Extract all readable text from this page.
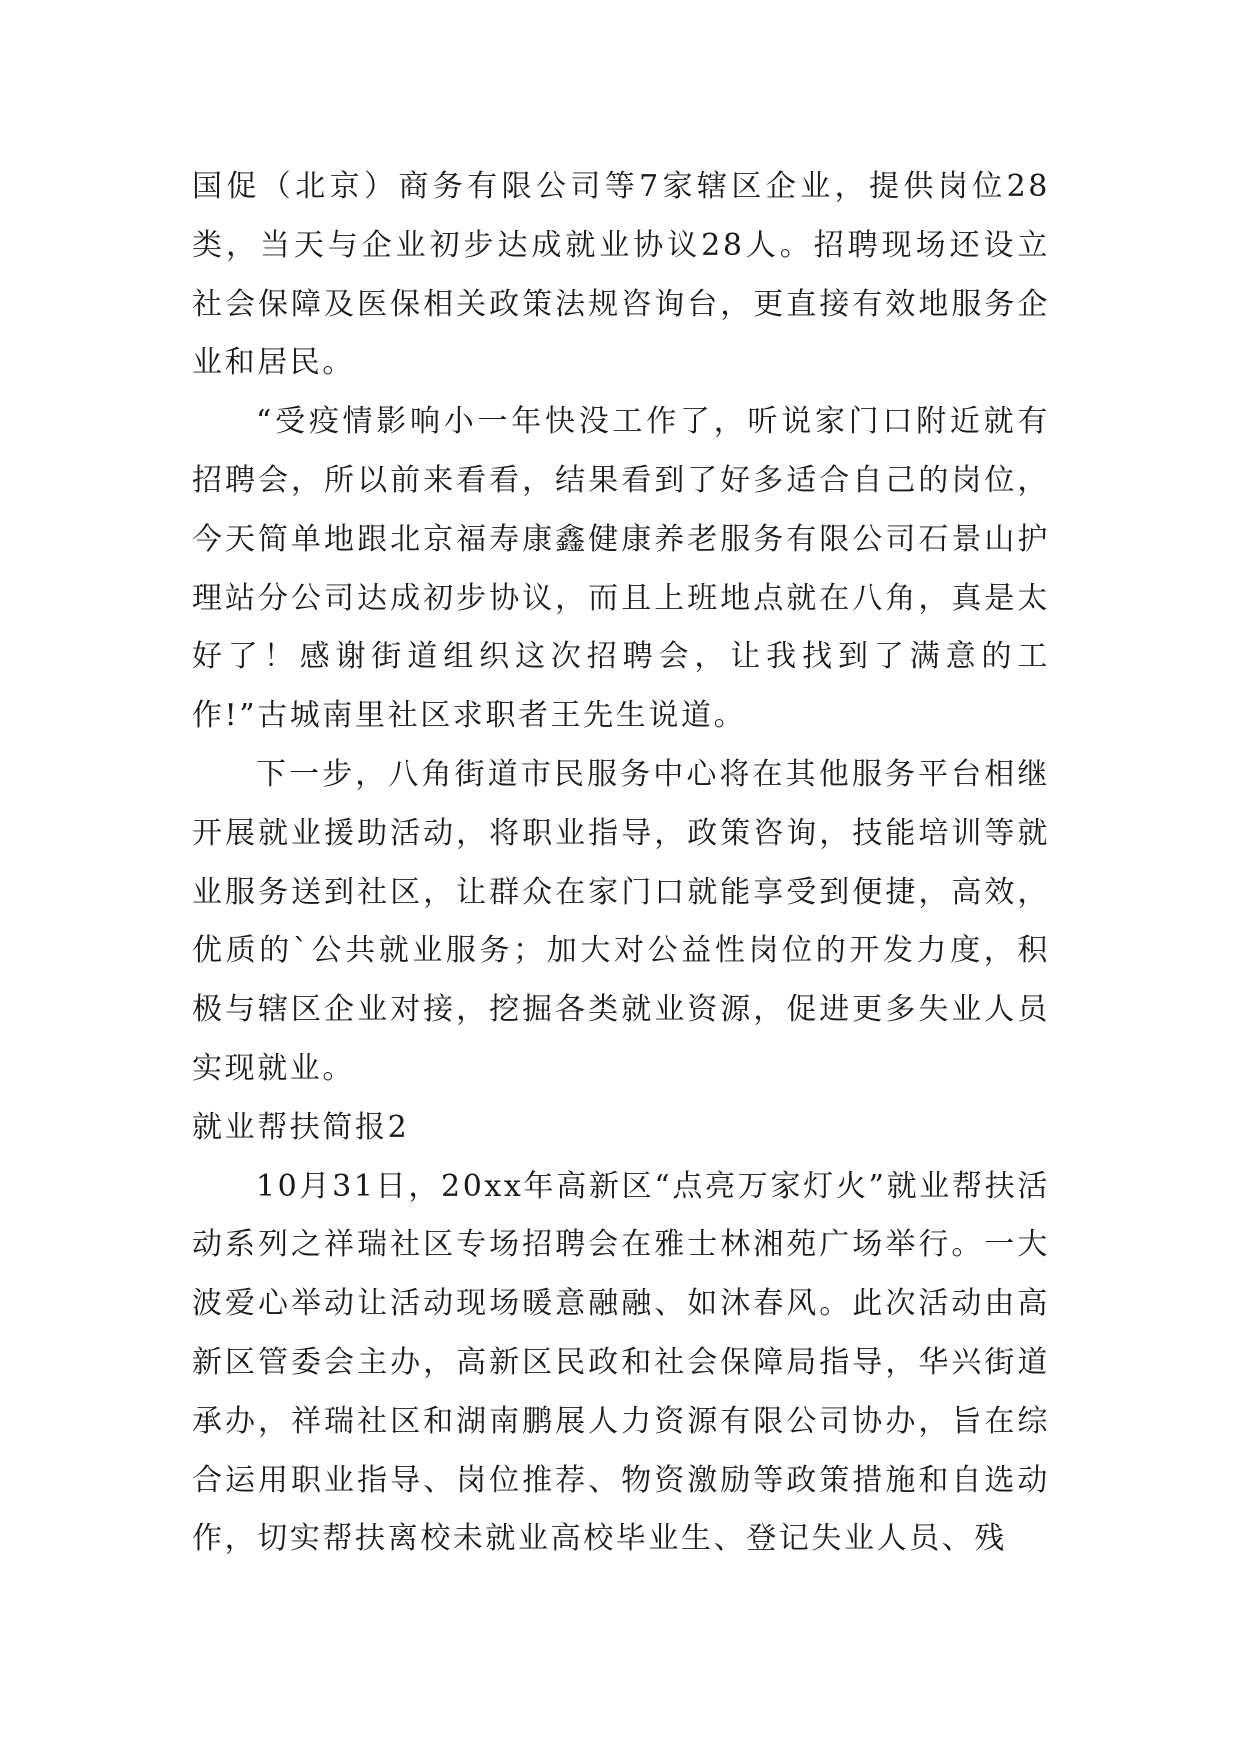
国促（北京）商务有限公司等7家辖区企业，提供岗位28类，当天与企业初步达成就业协议28人。招聘现场还设立社会保障及医保相关政策法规咨询台，更直接有效地服务企业和居民。

“受疫情影响小一年快没工作了，听说家门口附近就有招聘会，所以前来看看，结果看到了好多适合自己的岗位，今天简单地跟北京福寿康鑫健康养老服务有限公司石景山护理站分公司达成初步协议，而且上班地点就在八角，真是太好了！感谢街道组织这次招聘会，让我找到了满意的工作!”古城南里社区求职者王先生说道。

下一步，八角街道市民服务中心将在其他服务平台相继开展就业援助活动，将职业指导，政策咨询，技能培训等就业服务送到社区，让群众在家门口就能享受到便捷，高效，优质的`公共就业服务；加大对公益性岗位的开发力度，积极与辖区企业对接，挖掘各类就业资源，促进更多失业人员实现就业。

就业帮扶简报2

10月31日，20xx年高新区“点亮万家灯火”就业帮扶活动系列之祥瑞社区专场招聘会在雅士林湘苑广场举行。一大波爱心举动让活动现场暖意融融、如沐春风。此次活动由高新区管委会主办，高新区民政和社会保障局指导，华兴街道承办，祥瑞社区和湖南鹏展人力资源有限公司协办，旨在综合运用职业指导、岗位推荐、物资激励等政策措施和自选动作，切实帮扶离校未就业高校毕业生、登记失业人员、残
